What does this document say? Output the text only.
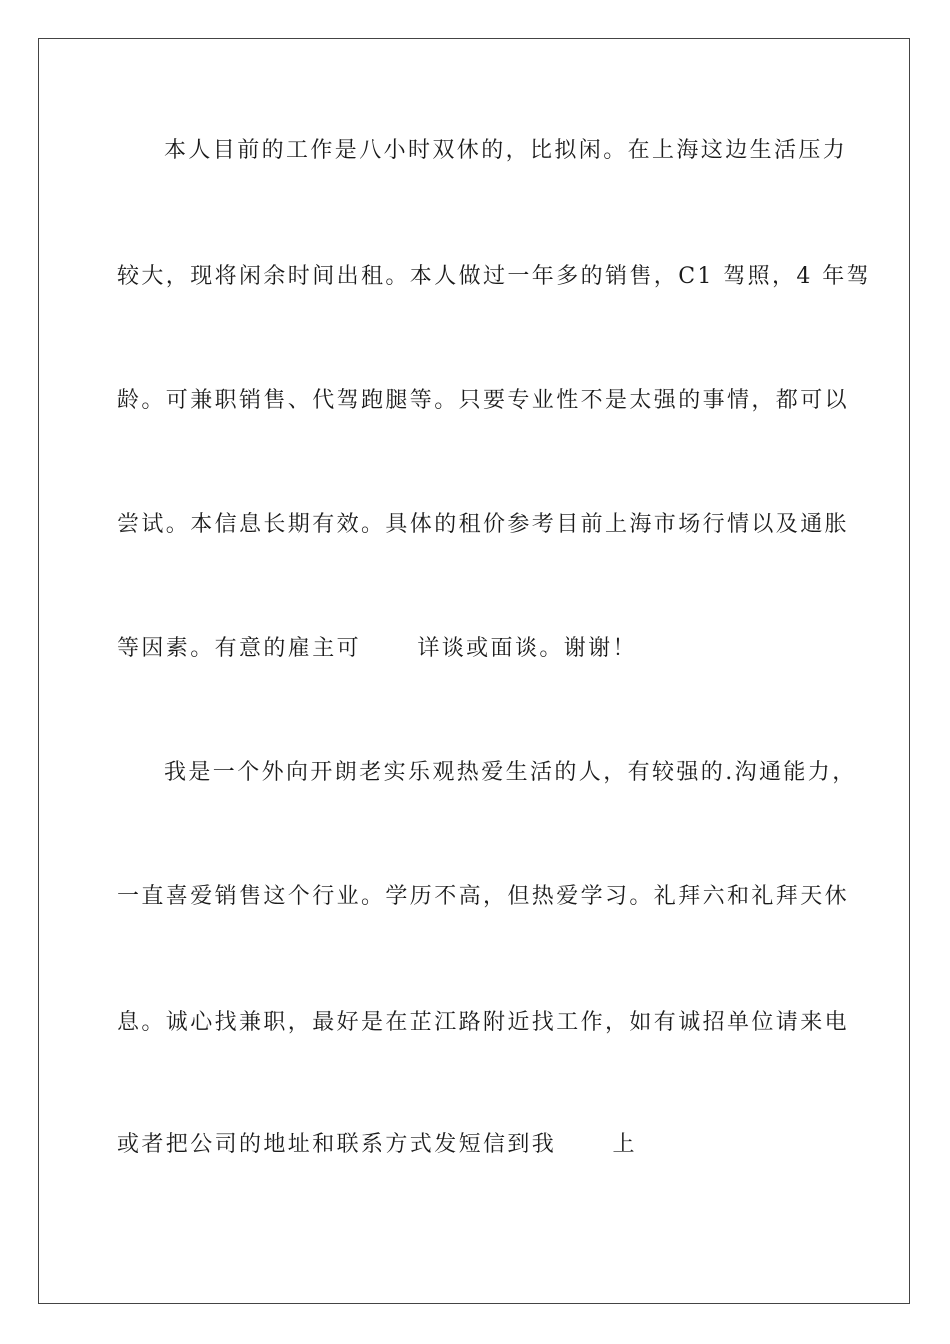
本人目前的工作是八小时双休的，比拟闲。在上海这边生活压力
较大，现将闲余时间出租。本人做过一年多的销售，C1 驾照，4 年驾
龄。可兼职销售、代驾跑腿等。只要专业性不是太强的事情，都可以
尝试。本信息长期有效。具体的租价参考目前上海市场行情以及通胀
等因素。有意的雇主可      详谈或面谈。谢谢！
我是一个外向开朗老实乐观热爱生活的人，有较强的.沟通能力，
一直喜爱销售这个行业。学历不高，但热爱学习。礼拜六和礼拜天休
息。诚心找兼职，最好是在芷江路附近找工作，如有诚招单位请来电
或者把公司的地址和联系方式发短信到我      上
